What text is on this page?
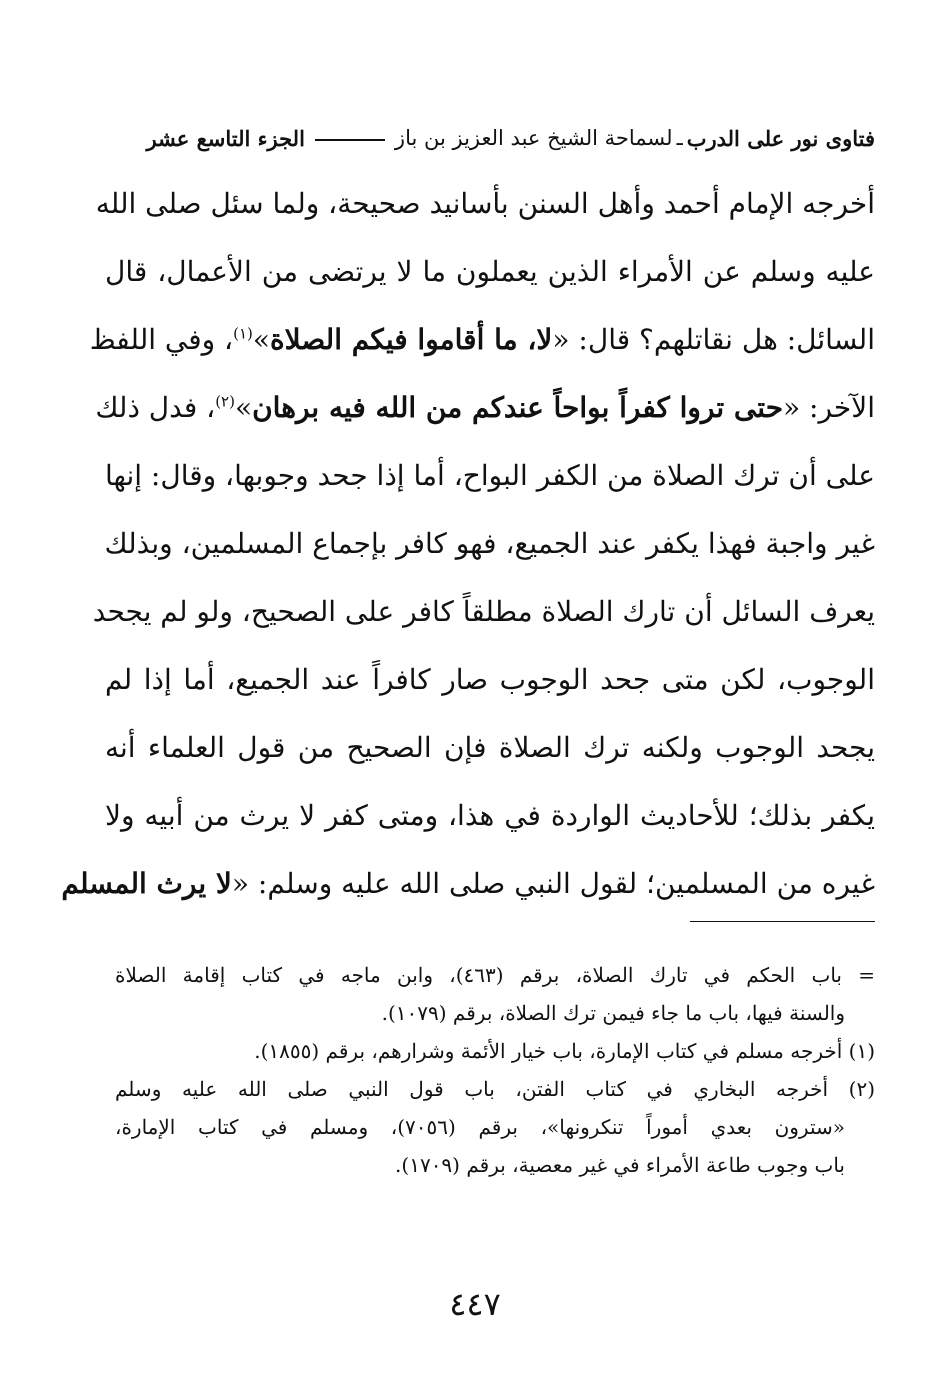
فتاوى نور على الدرب
ـ
لسماحة الشيخ عبد العزيز بن باز
الجزء التاسع عشر
أخرجه الإمام أحمد وأهل السنن بأسانيد صحيحة، ولما سئل صلى الله
عليه وسلم عن الأمراء الذين يعملون ما لا يرتضى من الأعمال، قال
السائل: هل نقاتلهم؟ قال: «لا، ما أقاموا فيكم الصلاة»$^{(١)}$، وفي اللفظ
الآخر: «حتى تروا كفراً بواحاً عندكم من الله فيه برهان»$^{(٢)}$، فدل ذلك
على أن ترك الصلاة من الكفر البواح، أما إذا جحد وجوبها، وقال: إنها
غير واجبة فهذا يكفر عند الجميع، فهو كافر بإجماع المسلمين، وبذلك
يعرف السائل أن تارك الصلاة مطلقاً كافر على الصحيح، ولو لم يجحد
الوجوب، لكن متى جحد الوجوب صار كافراً عند الجميع، أما إذا لم
يجحد الوجوب ولكنه ترك الصلاة فإن الصحيح من قول العلماء أنه
يكفر بذلك؛ للأحاديث الواردة في هذا، ومتى كفر لا يرث من أبيه ولا
غيره من المسلمين؛ لقول النبي صلى الله عليه وسلم: «لا يرث المسلم
= باب الحكم في تارك الصلاة، برقم (٤٦٣)، وابن ماجه في كتاب إقامة الصلاة
والسنة فيها، باب ما جاء فيمن ترك الصلاة، برقم (١٠٧٩).
(١) أخرجه مسلم في كتاب الإمارة، باب خيار الأئمة وشرارهم، برقم (١٨٥٥).
(٢) أخرجه البخاري في كتاب الفتن، باب قول النبي صلى الله عليه وسلم
«سترون بعدي أموراً تنكرونها»، برقم (٧٠٥٦)، ومسلم في كتاب الإمارة،
باب وجوب طاعة الأمراء في غير معصية، برقم (١٧٠٩).
٤٤٧
